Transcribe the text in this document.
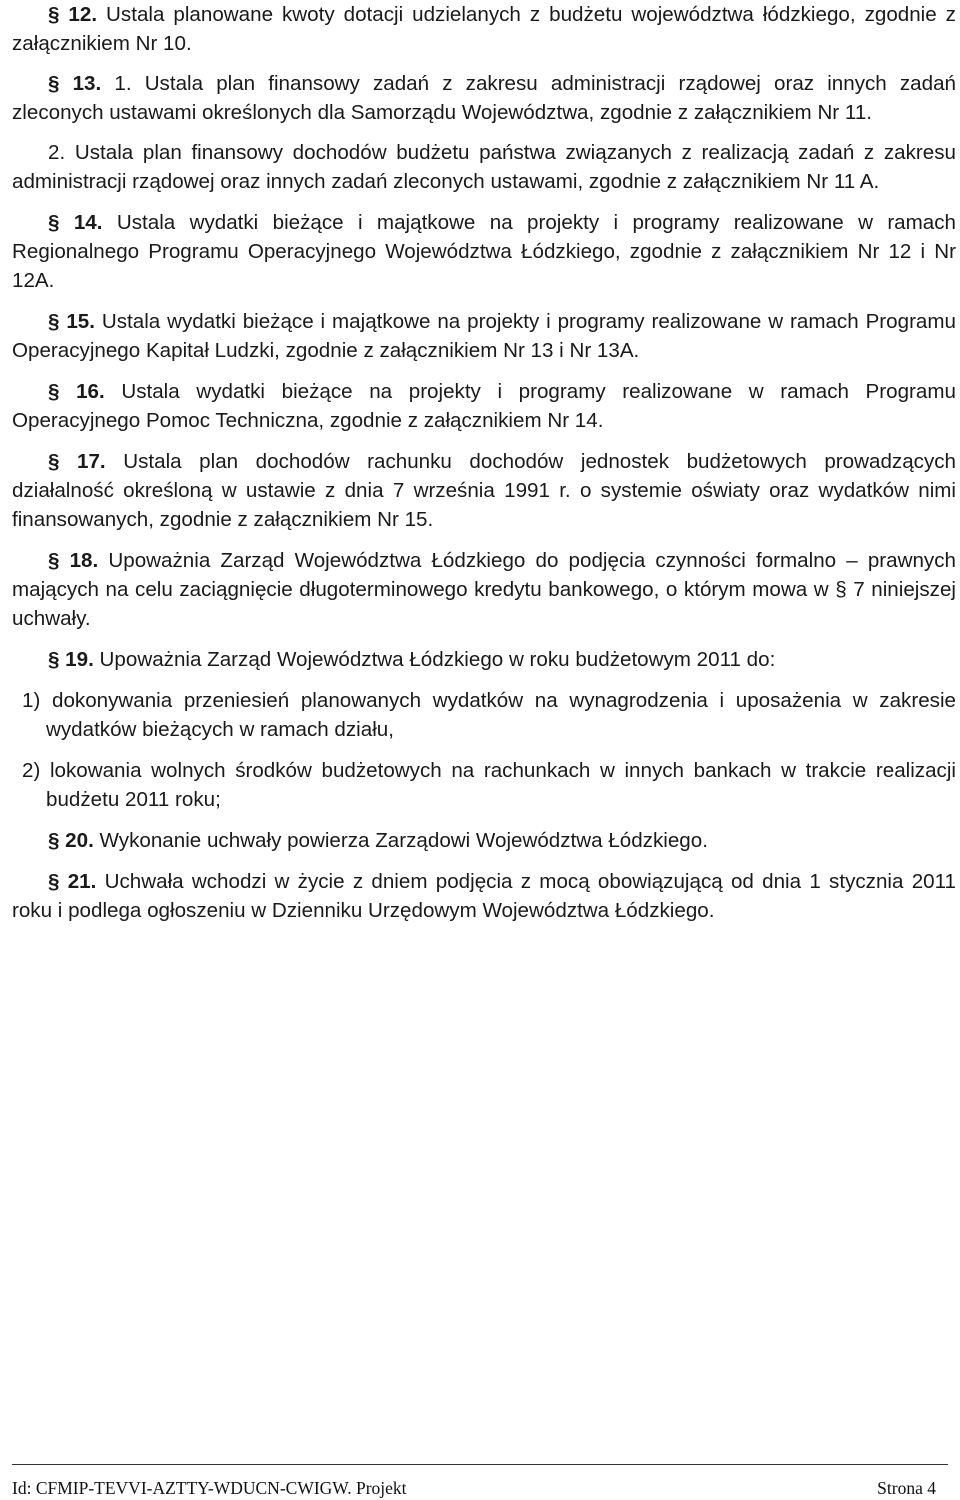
§ 12. Ustala planowane kwoty dotacji udzielanych z budżetu województwa łódzkiego, zgodnie z załącznikiem Nr 10.

§ 13. 1. Ustala plan finansowy zadań z zakresu administracji rządowej oraz innych zadań zleconych ustawami określonych dla Samorządu Województwa, zgodnie z załącznikiem Nr 11.

2. Ustala plan finansowy dochodów budżetu państwa związanych z realizacją zadań z zakresu administracji rządowej oraz innych zadań zleconych ustawami, zgodnie z załącznikiem Nr 11 A.

§ 14. Ustala wydatki bieżące i majątkowe na projekty i programy realizowane w ramach Regionalnego Programu Operacyjnego Województwa Łódzkiego, zgodnie z załącznikiem Nr 12 i Nr 12A.

§ 15. Ustala wydatki bieżące i majątkowe na projekty i programy realizowane w ramach Programu Operacyjnego Kapitał Ludzki, zgodnie z załącznikiem Nr 13 i Nr 13A.

§ 16. Ustala wydatki bieżące na projekty i programy realizowane w ramach Programu Operacyjnego Pomoc Techniczna, zgodnie z załącznikiem Nr 14.

§ 17. Ustala plan dochodów rachunku dochodów jednostek budżetowych prowadzących działalność określoną w ustawie z dnia 7 września 1991 r. o systemie oświaty oraz wydatków nimi finansowanych, zgodnie z załącznikiem Nr 15.

§ 18. Upoważnia Zarząd Województwa Łódzkiego do podjęcia czynności formalno – prawnych mających na celu zaciągnięcie długoterminowego kredytu bankowego, o którym mowa w § 7 niniejszej uchwały.

§ 19. Upoważnia Zarząd Województwa Łódzkiego w roku budżetowym 2011 do:

1) dokonywania przeniesień planowanych wydatków na wynagrodzenia i uposażenia w zakresie wydatków bieżących w ramach działu,

2) lokowania wolnych środków budżetowych na rachunkach w innych bankach w trakcie realizacji budżetu 2011 roku;

§ 20. Wykonanie uchwały powierza Zarządowi Województwa Łódzkiego.

§ 21. Uchwała wchodzi w życie z dniem podjęcia z mocą obowiązującą od dnia 1 stycznia 2011 roku i podlega ogłoszeniu w Dzienniku Urzędowym Województwa Łódzkiego.

Id: CFMIP-TEVVI-AZTTY-WDUCN-CWIGW. Projekt	Strona 4
